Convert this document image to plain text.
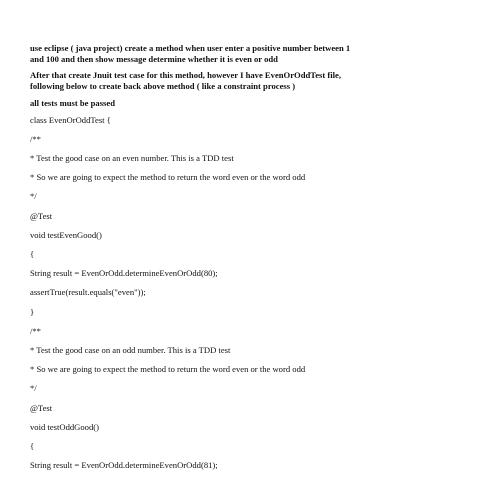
use eclipse ( java project) create a method when user enter a positive number between 1

and 100 and then show message determine whether it is even or odd

After that create Jnuit test case for this method, however I have EvenOrOddTest file,

following below to create back above method ( like a constraint process )

all tests must be passed

class EvenOrOddTest {

/**

* Test the good case on an even number. This is a TDD test

* So we are going to expect the method to return the word even or the word odd

*/

@Test

void testEvenGood()

{

String result = EvenOrOdd.determineEvenOrOdd(80);

assertTrue(result.equals("even"));

}

/**

* Test the good case on an odd number. This is a TDD test

* So we are going to expect the method to return the word even or the word odd

*/

@Test

void testOddGood()

{

String result = EvenOrOdd.determineEvenOrOdd(81);
